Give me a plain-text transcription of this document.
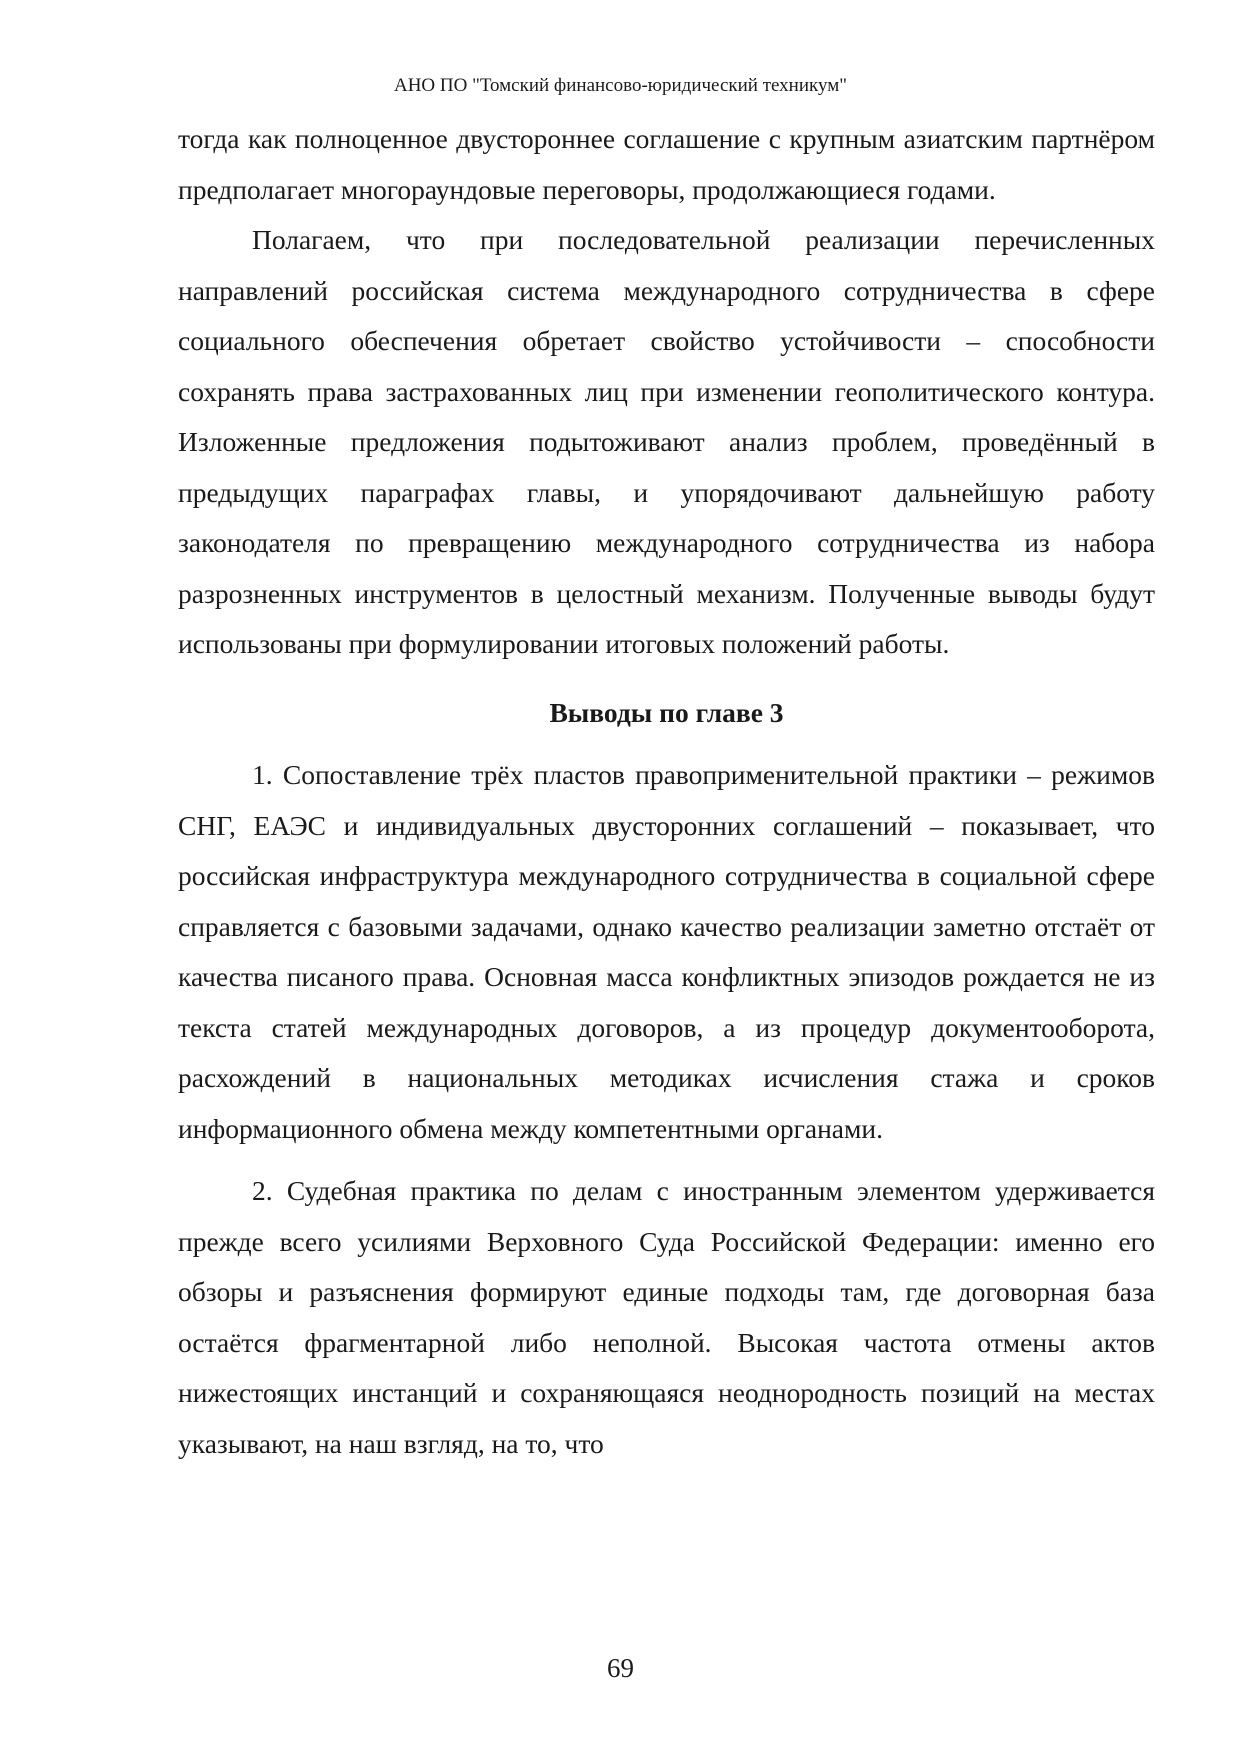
АНО ПО "Томский финансово-юридический техникум"

тогда как полноценное двустороннее соглашение с крупным азиатским партнёром предполагает многораундовые переговоры, продолжающиеся годами.

Полагаем, что при последовательной реализации перечисленных направлений российская система международного сотрудничества в сфере социального обеспечения обретает свойство устойчивости – способности сохранять права застрахованных лиц при изменении геополитического контура. Изложенные предложения подытоживают анализ проблем, проведённый в предыдущих параграфах главы, и упорядочивают дальнейшую работу законодателя по превращению международного сотрудничества из набора разрозненных инструментов в целостный механизм. Полученные выводы будут использованы при формулировании итоговых положений работы.

Выводы по главе 3

1. Сопоставление трёх пластов правоприменительной практики – режимов СНГ, ЕАЭС и индивидуальных двусторонних соглашений – показывает, что российская инфраструктура международного сотрудничества в социальной сфере справляется с базовыми задачами, однако качество реализации заметно отстаёт от качества писаного права. Основная масса конфликтных эпизодов рождается не из текста статей международных договоров, а из процедур документооборота, расхождений в национальных методиках исчисления стажа и сроков информационного обмена между компетентными органами.

2. Судебная практика по делам с иностранным элементом удерживается прежде всего усилиями Верховного Суда Российской Федерации: именно его обзоры и разъяснения формируют единые подходы там, где договорная база остаётся фрагментарной либо неполной. Высокая частота отмены актов нижестоящих инстанций и сохраняющаяся неоднородность позиций на местах указывают, на наш взгляд, на то, что

69
